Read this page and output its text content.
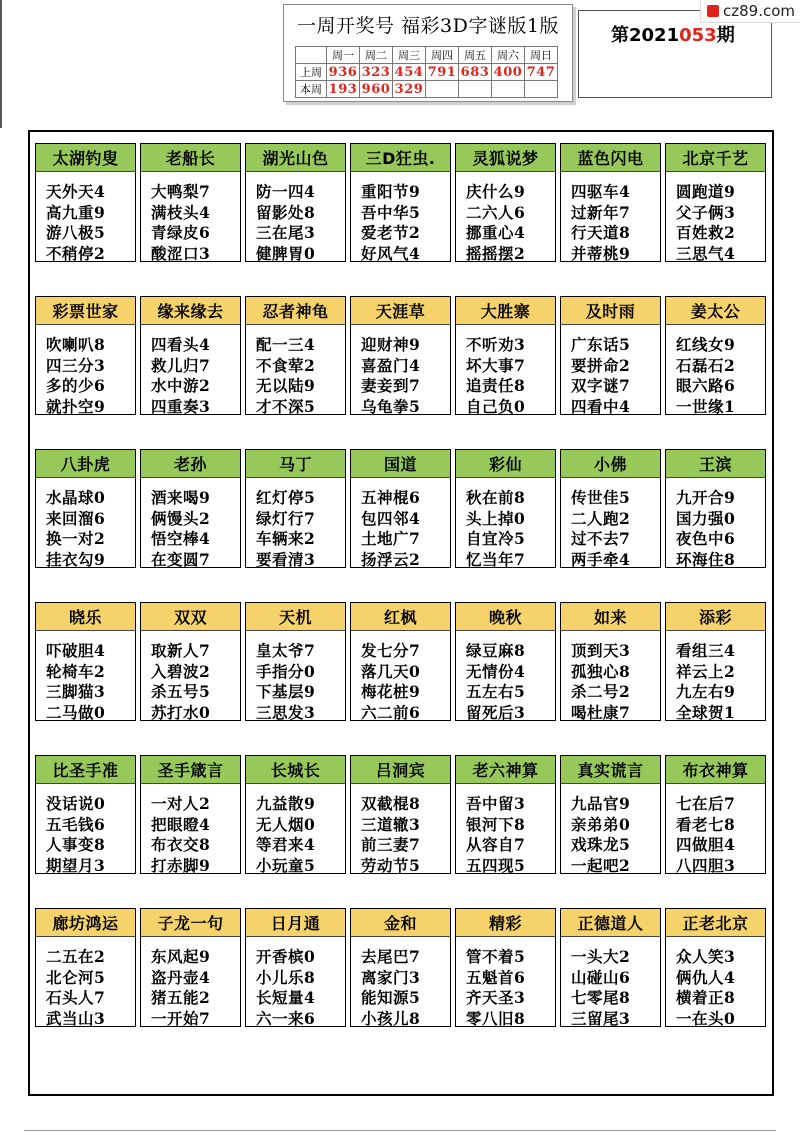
一周开奖号 福彩3D字谜版1版
	周一	周二	周三	周四	周五	周六	周日
上周	936	323	454	791	683	400	747
本周	193	960	329				
第2021053期
cz89.com
太湖钓叟
天外天4
高九重9
游八极5
不稍停2
老船长
大鸭梨7
满枝头4
青绿皮6
酸涩口3
湖光山色
防一四4
留影处8
三在尾3
健脾胃0
三D狂虫.
重阳节9
吾中华5
爱老节2
好风气4
灵狐说梦
庆什么9
二六人6
挪重心4
摇摇摆2
蓝色闪电
四驱车4
过新年7
行天道8
并蒂桃9
北京千艺
圆跑道9
父子俩3
百姓救2
三思气4
彩票世家
吹喇叭8
四三分3
多的少6
就扑空9
缘来缘去
四看头4
救儿归7
水中游2
四重奏3
忍者神龟
配一三4
不食荤2
无以陆9
才不深5
天涯草
迎财神9
喜盈门4
妻妾到7
乌龟拳5
大胜寨
不听劝3
坏大事7
追责任8
自己负0
及时雨
广东话5
要拼命2
双字谜7
四看中4
姜太公
红线女9
石磊石2
眼六路6
一世缘1
八卦虎
水晶球0
来回溜6
换一对2
挂衣勾9
老孙
酒来喝9
俩馒头2
悟空棒4
在变圆7
马丁
红灯停5
绿灯行7
车辆来2
要看清3
国道
五神棍6
包四邻4
土地广7
扬浮云2
彩仙
秋在前8
头上掉0
自宜冷5
忆当年7
小佛
传世佳5
二人跑2
过不去7
两手牵4
王滨
九开合9
国力强0
夜色中6
环海住8
晓乐
吓破胆4
轮椅车2
三脚猫3
二马做0
双双
取新人7
入碧波2
杀五号5
苏打水0
天机
皇太爷7
手指分0
下基层9
三思发3
红枫
发七分7
落几天0
梅花桩9
六二前6
晚秋
绿豆麻8
无情份4
五左右5
留死后3
如来
顶到天3
孤独心8
杀二号2
喝杜康7
添彩
看组三4
祥云上2
九左右9
全球贺1
比圣手准
没话说0
五毛钱6
人事变8
期望月3
圣手箴言
一对人2
把眼瞪4
布衣交8
打赤脚9
长城长
九益散9
无人烟0
等君来4
小玩童5
吕洞宾
双截棍8
三道辙3
前三妻7
劳动节5
老六神算
吾中留3
银河下8
从容自7
五四现5
真实谎言
九品官9
亲弟弟0
戏珠龙5
一起吧2
布衣神算
七在后7
看老七8
四做胆4
八四胆3
廊坊鸿运
二五在2
北仑河5
石头人7
武当山3
子龙一句
东风起9
盗丹壶4
猪五能2
一开始7
日月通
开香槟0
小儿乐8
长短量4
六一来6
金和
去尾巴7
离家门3
能知源5
小孩儿8
精彩
管不着5
五魁首6
齐天圣3
零八旧8
正德道人
一头大2
山碰山6
七零尾8
三留尾3
正老北京
众人笑3
俩仇人4
横着正8
一在头0
